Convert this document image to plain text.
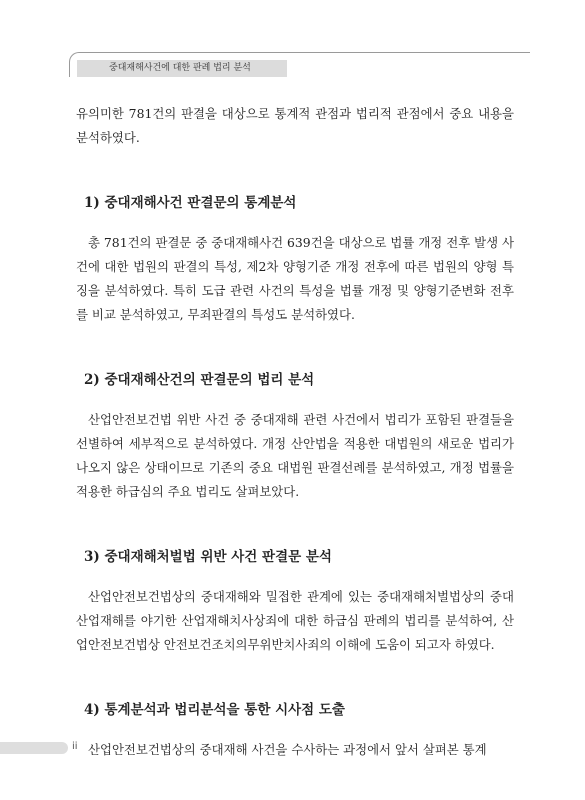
중대재해사건에 대한 판례 법리 분석

유의미한 781건의 판결을 대상으로 통계적 관점과 법리적 관점에서 중요 내용을 분석하였다.

1) 중대재해사건 판결문의 통계분석

총 781건의 판결문 중 중대재해사건 639건을 대상으로 법률 개정 전후 발생 사건에 대한 법원의 판결의 특성, 제2차 양형기준 개정 전후에 따른 법원의 양형 특징을 분석하였다. 특히 도급 관련 사건의 특성을 법률 개정 및 양형기준변화 전후를 비교 분석하였고, 무죄판결의 특성도 분석하였다.

2) 중대재해산건의 판결문의 법리 분석

산업안전보건법 위반 사건 중 중대재해 관련 사건에서 법리가 포함된 판결들을 선별하여 세부적으로 분석하였다. 개정 산안법을 적용한 대법원의 새로운 법리가 나오지 않은 상태이므로 기존의 중요 대법원 판결선례를 분석하였고, 개정 법률을 적용한 하급심의 주요 법리도 살펴보았다.

3) 중대재해처벌법 위반 사건 판결문 분석

산업안전보건법상의 중대재해와 밀접한 관계에 있는 중대재해처벌법상의 중대산업재해를 야기한 산업재해치사상죄에 대한 하급심 판례의 법리를 분석하여, 산업안전보건법상 안전보건조치의무위반치사죄의 이해에 도움이 되고자 하였다.

4) 통계분석과 법리분석을 통한 시사점 도출

산업안전보건법상의 중대재해 사건을 수사하는 과정에서 앞서 살펴본 통계

ii
